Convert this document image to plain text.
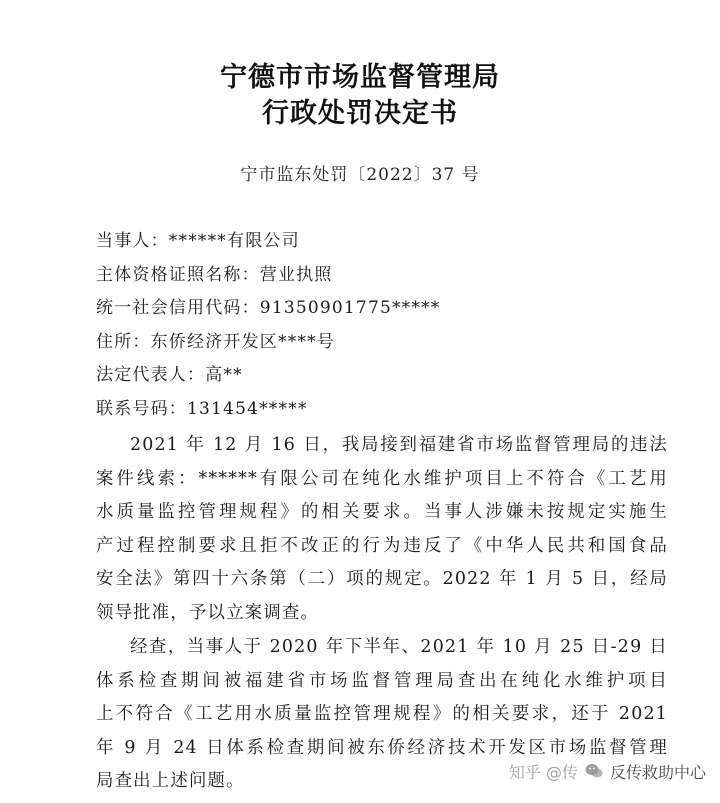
宁德市市场监督管理局
行政处罚决定书
宁市监东处罚〔2022〕37 号
当事人：******有限公司
主体资格证照名称：营业执照
统一社会信用代码：91350901775*****
住所：东侨经济开发区****号
法定代表人：高**
联系号码：131454*****
2021 年 12 月 16 日，我局接到福建省市场监督管理局的违法
案件线索：******有限公司在纯化水维护项目上不符合《工艺用
水质量监控管理规程》的相关要求。当事人涉嫌未按规定实施生
产过程控制要求且拒不改正的行为违反了《中华人民共和国食品
安全法》第四十六条第（二）项的规定。2022 年 1 月 5 日，经局
领导批准，予以立案调查。
经查，当事人于 2020 年下半年、2021 年 10 月 25 日-29 日
体系检查期间被福建省市场监督管理局查出在纯化水维护项目
上不符合《工艺用水质量监控管理规程》的相关要求，还于 2021
年 9 月 24 日体系检查期间被东侨经济技术开发区市场监督管理
局查出上述问题。	知乎 @传 反传救助中心
